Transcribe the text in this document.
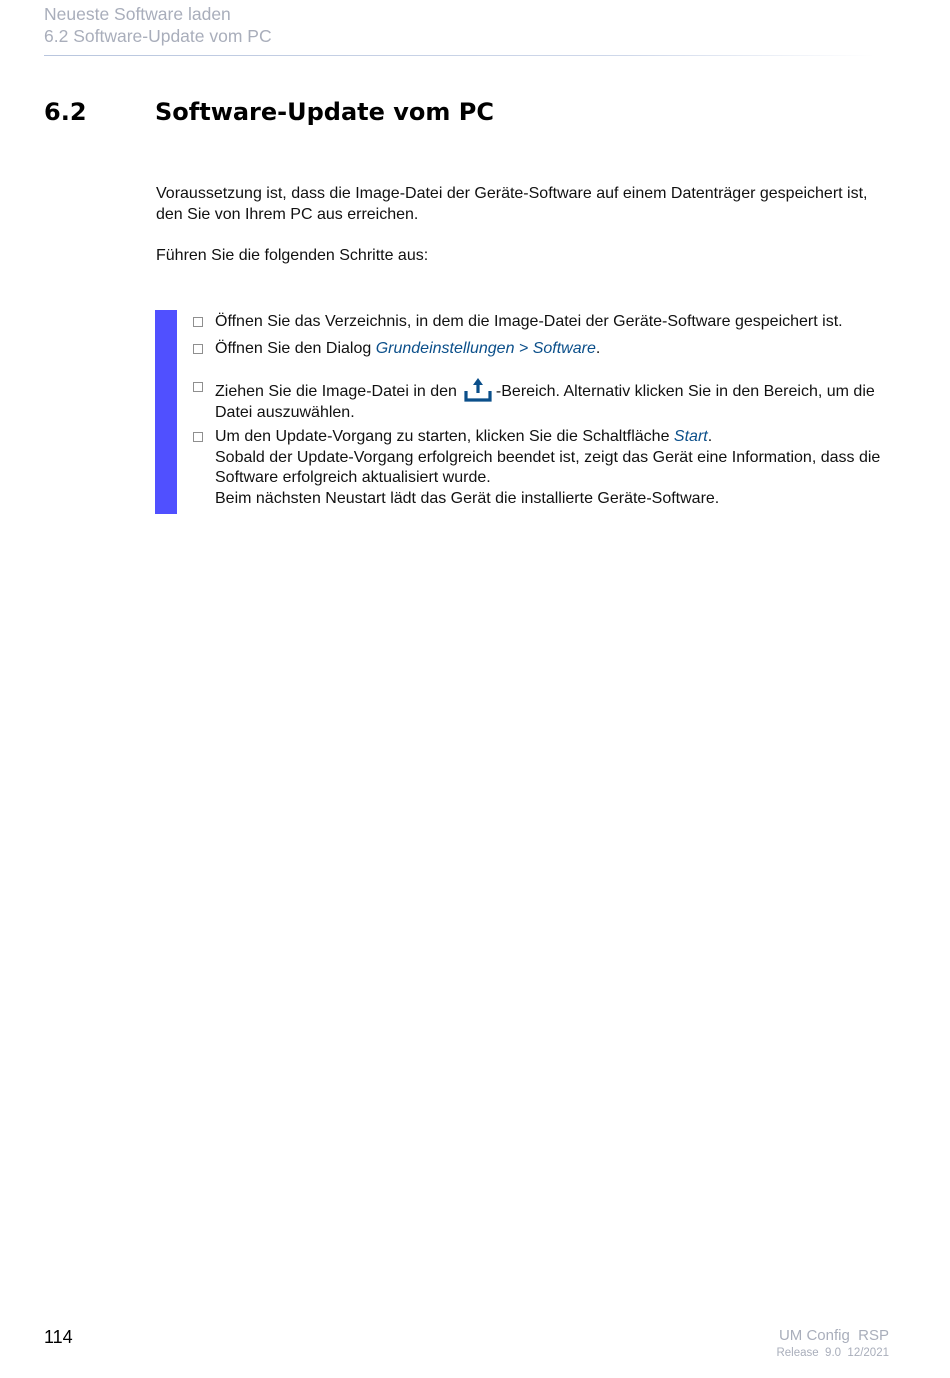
Neueste Software laden
6.2 Software-Update vom PC
6.2	Software-Update vom PC
Voraussetzung ist, dass die Image-Datei der Geräte-Software auf einem Datenträger gespeichert ist, den Sie von Ihrem PC aus erreichen.
Führen Sie die folgenden Schritte aus:
Öffnen Sie das Verzeichnis, in dem die Image-Datei der Geräte-Software gespeichert ist.
Öffnen Sie den Dialog Grundeinstellungen > Software.
Ziehen Sie die Image-Datei in den -Bereich. Alternativ klicken Sie in den Bereich, um die Datei auszuwählen.
Um den Update-Vorgang zu starten, klicken Sie die Schaltfläche Start.
Sobald der Update-Vorgang erfolgreich beendet ist, zeigt das Gerät eine Information, dass die Software erfolgreich aktualisiert wurde.
Beim nächsten Neustart lädt das Gerät die installierte Geräte-Software.
114	UM Config  RSP
Release  9.0  12/2021
